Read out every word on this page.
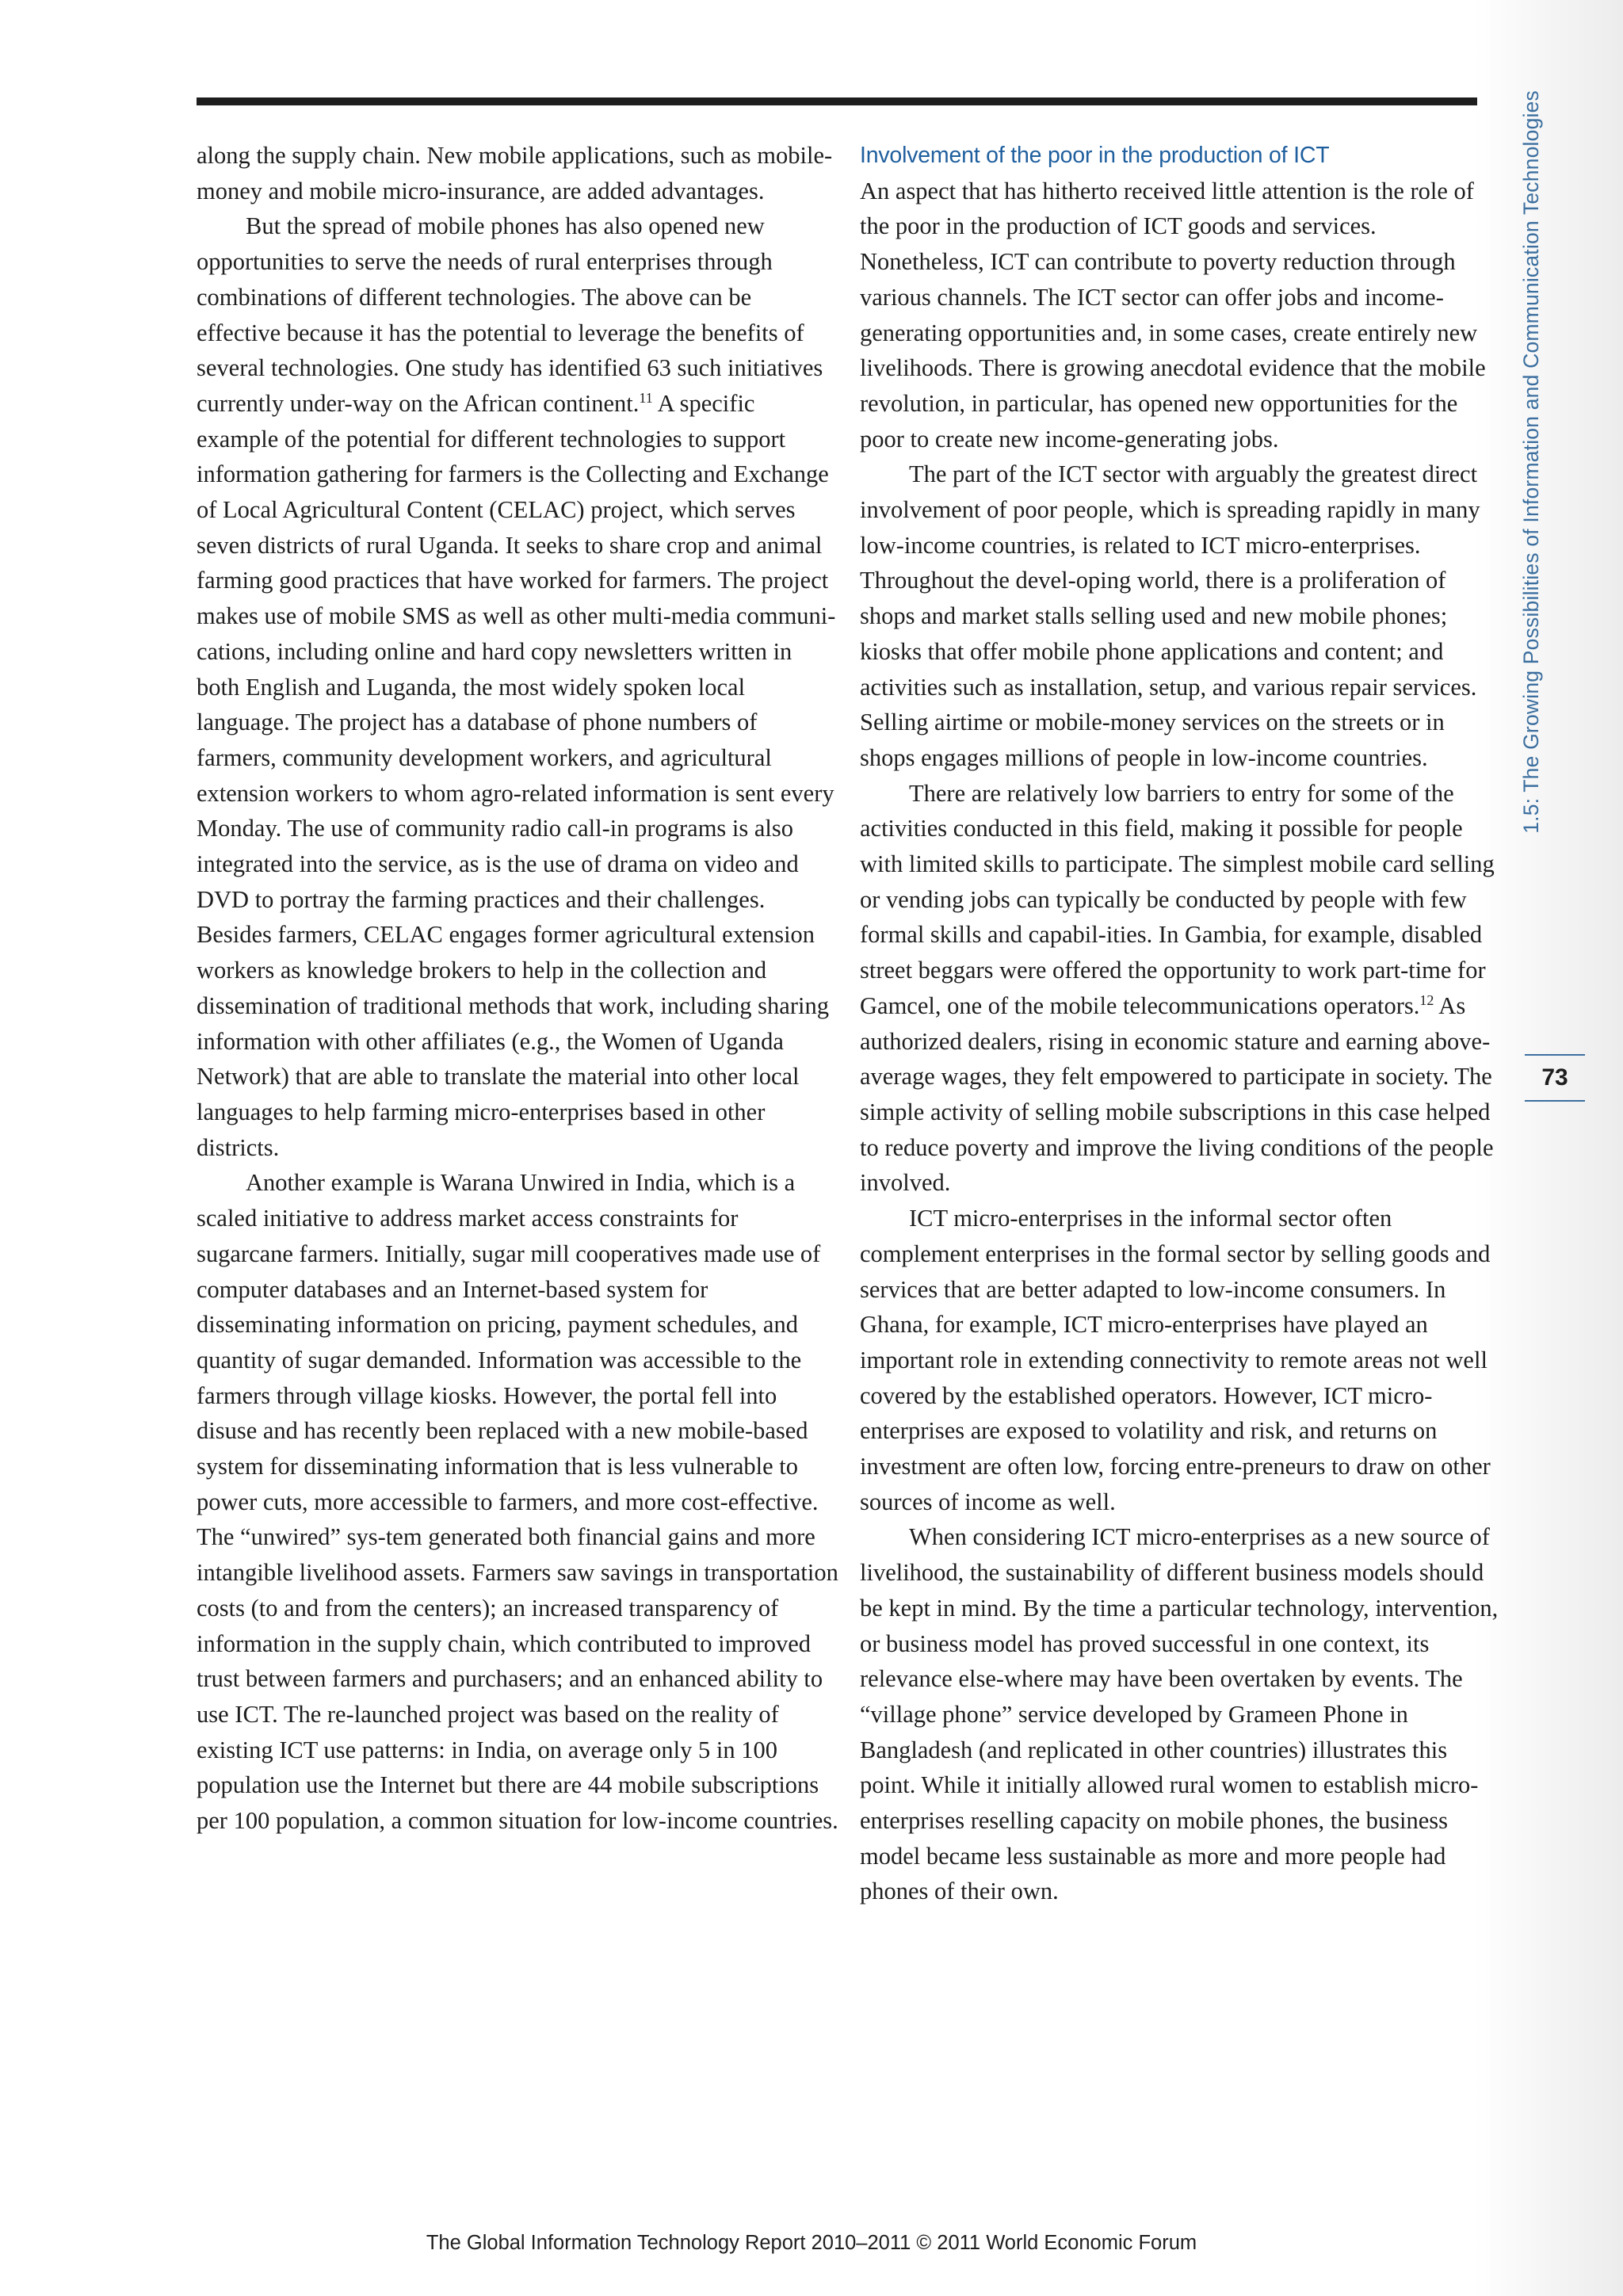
along the supply chain. New mobile applications, such as mobile-money and mobile micro-insurance, are added advantages.

But the spread of mobile phones has also opened new opportunities to serve the needs of rural enterprises through combinations of different technologies. The above can be effective because it has the potential to leverage the benefits of several technologies. One study has identified 63 such initiatives currently under-way on the African continent.$^{11}$ A specific example of the potential for different technologies to support information gathering for farmers is the Collecting and Exchange of Local Agricultural Content (CELAC) project, which serves seven districts of rural Uganda. It seeks to share crop and animal farming good practices that have worked for farmers. The project makes use of mobile SMS as well as other multi-media communi-cations, including online and hard copy newsletters written in both English and Luganda, the most widely spoken local language. The project has a database of phone numbers of farmers, community development workers, and agricultural extension workers to whom agro-related information is sent every Monday. The use of community radio call-in programs is also integrated into the service, as is the use of drama on video and DVD to portray the farming practices and their challenges. Besides farmers, CELAC engages former agricultural extension workers as knowledge brokers to help in the collection and dissemination of traditional methods that work, including sharing information with other affiliates (e.g., the Women of Uganda Network) that are able to translate the material into other local languages to help farming micro-enterprises based in other districts.

Another example is Warana Unwired in India, which is a scaled initiative to address market access constraints for sugarcane farmers. Initially, sugar mill cooperatives made use of computer databases and an Internet-based system for disseminating information on pricing, payment schedules, and quantity of sugar demanded. Information was accessible to the farmers through village kiosks. However, the portal fell into disuse and has recently been replaced with a new mobile-based system for disseminating information that is less vulnerable to power cuts, more accessible to farmers, and more cost-effective. The “unwired” sys-tem generated both financial gains and more intangible livelihood assets. Farmers saw savings in transportation costs (to and from the centers); an increased transparency of information in the supply chain, which contributed to improved trust between farmers and purchasers; and an enhanced ability to use ICT. The re-launched project was based on the reality of existing ICT use patterns: in India, on average only 5 in 100 population use the Internet but there are 44 mobile subscriptions per 100 population, a common situation for low-income countries.

Involvement of the poor in the production of ICT

An aspect that has hitherto received little attention is the role of the poor in the production of ICT goods and services. Nonetheless, ICT can contribute to poverty reduction through various channels. The ICT sector can offer jobs and income-generating opportunities and, in some cases, create entirely new livelihoods. There is growing anecdotal evidence that the mobile revolution, in particular, has opened new opportunities for the poor to create new income-generating jobs.

The part of the ICT sector with arguably the greatest direct involvement of poor people, which is spreading rapidly in many low-income countries, is related to ICT micro-enterprises. Throughout the devel-oping world, there is a proliferation of shops and market stalls selling used and new mobile phones; kiosks that offer mobile phone applications and content; and activities such as installation, setup, and various repair services. Selling airtime or mobile-money services on the streets or in shops engages millions of people in low-income countries.

There are relatively low barriers to entry for some of the activities conducted in this field, making it possible for people with limited skills to participate. The simplest mobile card selling or vending jobs can typically be conducted by people with few formal skills and capabil-ities. In Gambia, for example, disabled street beggars were offered the opportunity to work part-time for Gamcel, one of the mobile telecommunications operators.$^{12}$ As authorized dealers, rising in economic stature and earning above-average wages, they felt empowered to participate in society. The simple activity of selling mobile subscriptions in this case helped to reduce poverty and improve the living conditions of the people involved.

ICT micro-enterprises in the informal sector often complement enterprises in the formal sector by selling goods and services that are better adapted to low-income consumers. In Ghana, for example, ICT micro-enterprises have played an important role in extending connectivity to remote areas not well covered by the established operators. However, ICT micro-enterprises are exposed to volatility and risk, and returns on investment are often low, forcing entre-preneurs to draw on other sources of income as well.

When considering ICT micro-enterprises as a new source of livelihood, the sustainability of different business models should be kept in mind. By the time a particular technology, intervention, or business model has proved successful in one context, its relevance else-where may have been overtaken by events. The “village phone” service developed by Grameen Phone in Bangladesh (and replicated in other countries) illustrates this point. While it initially allowed rural women to establish micro-enterprises reselling capacity on mobile phones, the business model became less sustainable as more and more people had phones of their own.

1.5: The Growing Possibilities of Information and Communication Technologies
73
The Global Information Technology Report 2010–2011 © 2011 World Economic Forum
